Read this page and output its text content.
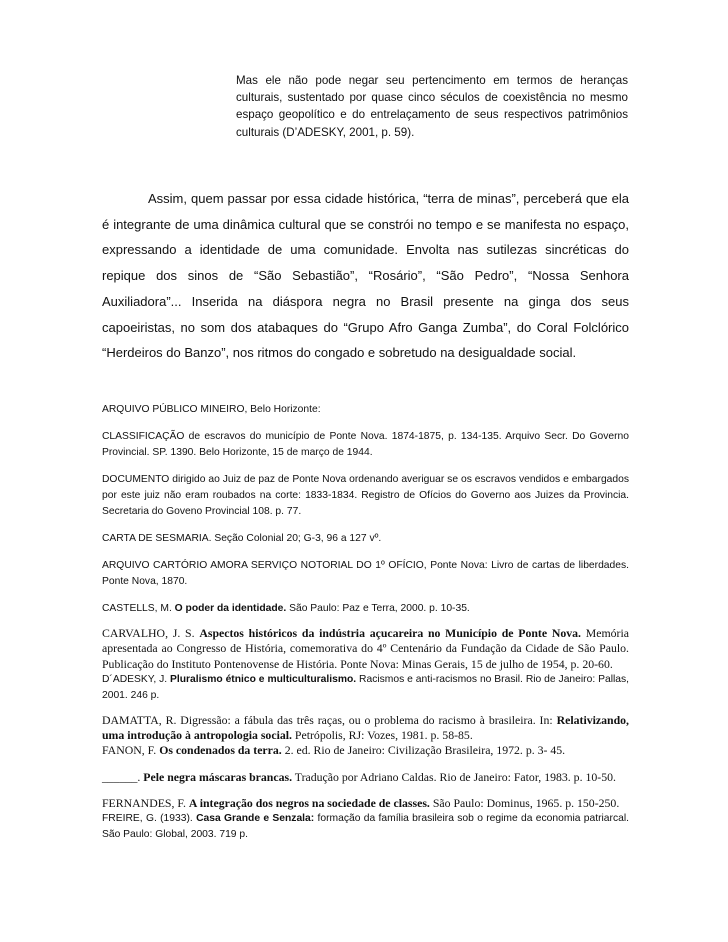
Mas ele não pode negar seu pertencimento em termos de heranças culturais, sustentado por quase cinco séculos de coexistência no mesmo espaço geopolítico e do entrelaçamento de seus respectivos patrimônios culturais (D’ADESKY, 2001, p. 59).
Assim, quem passar por essa cidade histórica, “terra de minas”, perceberá que ela é integrante de uma dinâmica cultural que se constrói no tempo e se manifesta no espaço, expressando a identidade de uma comunidade. Envolta nas sutilezas sincréticas do repique dos sinos de “São Sebastião”, “Rosário”, “São Pedro”, “Nossa Senhora Auxiliadora”... Inserida na diáspora negra no Brasil presente na ginga dos seus capoeiristas, no som dos atabaques do “Grupo Afro Ganga Zumba”, do Coral Folclórico “Herdeiros do Banzo”, nos ritmos do congado e sobretudo na desigualdade social.

ARQUIVO PÚBLICO MINEIRO, Belo Horizonte:

CLASSIFICAÇÃO de escravos do município de Ponte Nova. 1874-1875, p. 134-135. Arquivo Secr. Do Governo Provincial. SP. 1390. Belo Horizonte, 15 de março de 1944.

DOCUMENTO dirigido ao Juiz de paz de Ponte Nova ordenando averiguar se os escravos vendidos e embargados por este juiz não eram roubados na corte: 1833-1834. Registro de Ofícios do Governo aos Juizes da Provincia. Secretaria do Goveno Provincial 108. p. 77.

CARTA DE SESMARIA. Seção Colonial 20; G-3, 96 a 127 vº.

ARQUIVO CARTÓRIO AMORA SERVIÇO NOTORIAL DO 1º OFÍCIO, Ponte Nova: Livro de cartas de liberdades. Ponte Nova, 1870.

CASTELLS, M. O poder da identidade. São Paulo: Paz e Terra, 2000. p. 10-35.

CARVALHO, J. S. Aspectos históricos da indústria açucareira no Município de Ponte Nova. Memória apresentada ao Congresso de História, comemorativa do 4º Centenário da Fundação da Cidade de São Paulo. Publicação do Instituto Pontenovense de História. Ponte Nova: Minas Gerais, 15 de julho de 1954, p. 20-60.

D´ADESKY, J. Pluralismo étnico e multiculturalismo. Racismos e anti-racismos no Brasil. Rio de Janeiro: Pallas, 2001. 246 p.

DAMATTA, R. Digressão: a fábula das três raças, ou o problema do racismo à brasileira. In: Relativizando, uma introdução à antropologia social. Petrópolis, RJ: Vozes, 1981. p. 58-85.

FANON, F. Os condenados da terra. 2. ed. Rio de Janeiro: Civilização Brasileira, 1972. p. 3- 45.

______. Pele negra máscaras brancas. Tradução por Adriano Caldas. Rio de Janeiro: Fator, 1983. p. 10-50.

FERNANDES, F. A integração dos negros na sociedade de classes. São Paulo: Dominus, 1965. p. 150-250.

FREIRE, G. (1933). Casa Grande e Senzala: formação da família brasileira sob o regime da economia patriarcal. São Paulo: Global, 2003. 719 p.
